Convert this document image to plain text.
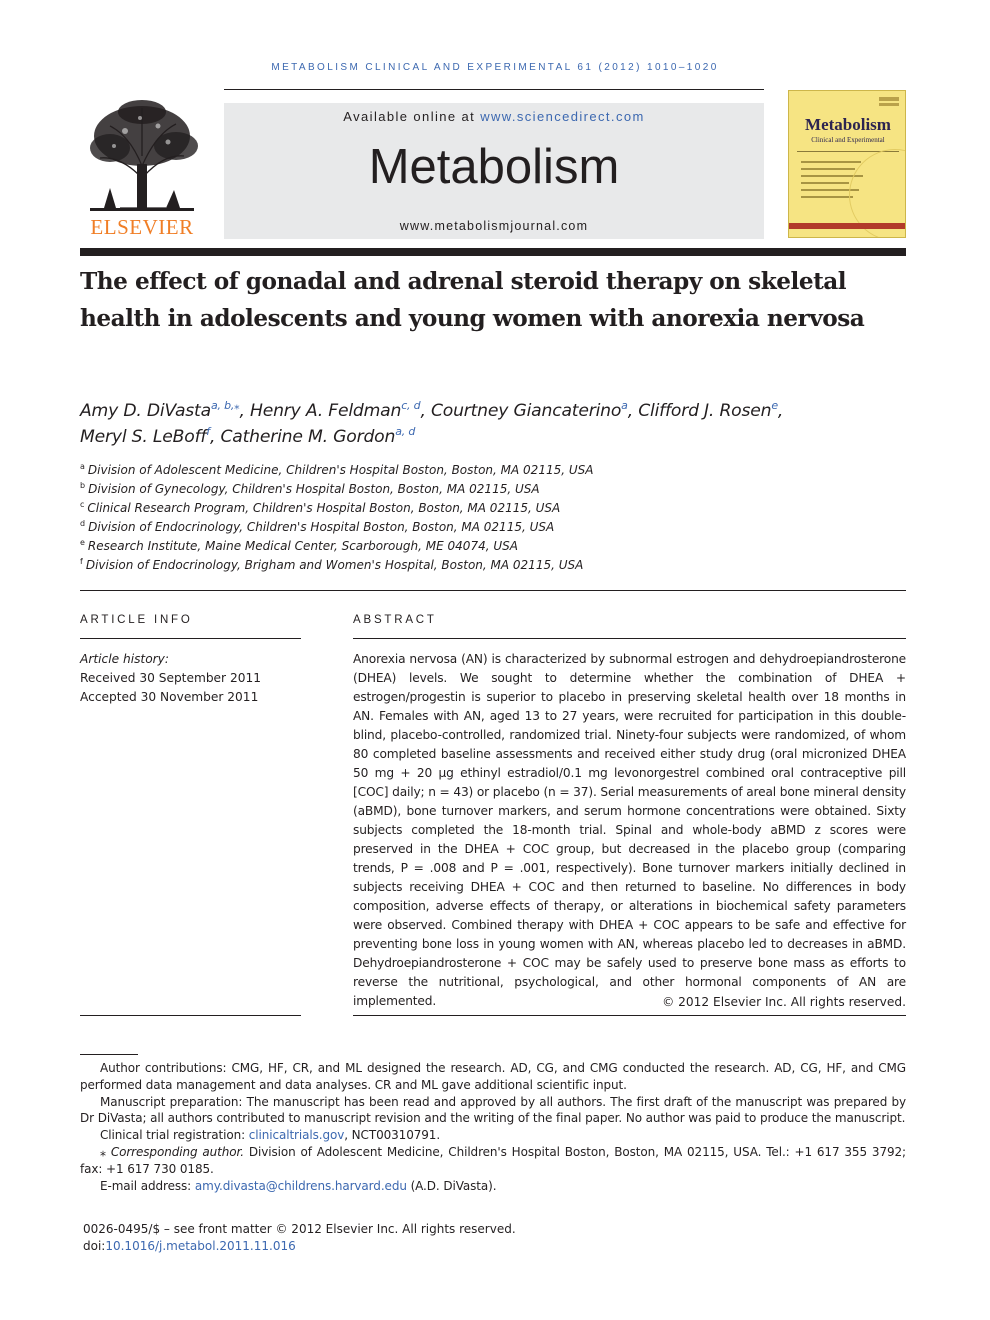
METABOLISM CLINICAL AND EXPERIMENTAL 61 (2012) 1010–1020
ELSEVIER
Available online at www.sciencedirect.com
Metabolism
www.metabolismjournal.com
Metabolism
Clinical and Experimental
The effect of gonadal and adrenal steroid therapy on skeletal health in adolescents and young women with anorexia nervosa
Amy D. DiVasta$^{a, b,⁎}$, Henry A. Feldman$^{c, d}$, Courtney Giancaterino$^a$, Clifford J. Rosen$^e$,
Meryl S. LeBoff$^f$, Catherine M. Gordon$^{a, d}$
$^a$ Division of Adolescent Medicine, Children's Hospital Boston, Boston, MA 02115, USA
$^b$ Division of Gynecology, Children's Hospital Boston, Boston, MA 02115, USA
$^c$ Clinical Research Program, Children's Hospital Boston, Boston, MA 02115, USA
$^d$ Division of Endocrinology, Children's Hospital Boston, Boston, MA 02115, USA
$^e$ Research Institute, Maine Medical Center, Scarborough, ME 04074, USA
$^f$ Division of Endocrinology, Brigham and Women's Hospital, Boston, MA 02115, USA
ARTICLE INFO
Article history:
Received 30 September 2011
Accepted 30 November 2011
ABSTRACT
Anorexia nervosa (AN) is characterized by subnormal estrogen and dehydroepiandrosterone (DHEA) levels. We sought to determine whether the combination of DHEA + estrogen/progestin is superior to placebo in preserving skeletal health over 18 months in AN. Females with AN, aged 13 to 27 years, were recruited for participation in this double-blind, placebo-controlled, randomized trial. Ninety-four subjects were randomized, of whom 80 completed baseline assessments and received either study drug (oral micronized DHEA 50 mg + 20 μg ethinyl estradiol/0.1 mg levonorgestrel combined oral contraceptive pill [COC] daily; n = 43) or placebo (n = 37). Serial measurements of areal bone mineral density (aBMD), bone turnover markers, and serum hormone concentrations were obtained. Sixty subjects completed the 18-month trial. Spinal and whole-body aBMD z scores were preserved in the DHEA + COC group, but decreased in the placebo group (comparing trends, P = .008 and P = .001, respectively). Bone turnover markers initially declined in subjects receiving DHEA + COC and then returned to baseline. No differences in body composition, adverse effects of therapy, or alterations in biochemical safety parameters were observed. Combined therapy with DHEA + COC appears to be safe and effective for preventing bone loss in young women with AN, whereas placebo led to decreases in aBMD. Dehydroepiandrosterone + COC may be safely used to preserve bone mass as efforts to reverse the nutritional, psychological, and other hormonal components of AN are implemented.	© 2012 Elsevier Inc. All rights reserved.

Author contributions: CMG, HF, CR, and ML designed the research. AD, CG, and CMG conducted the research. AD, CG, HF, and CMG performed data management and data analyses. CR and ML gave additional scientific input.

Manuscript preparation: The manuscript has been read and approved by all authors. The first draft of the manuscript was prepared by Dr DiVasta; all authors contributed to manuscript revision and the writing of the final paper. No author was paid to produce the manuscript.

Clinical trial registration: clinicaltrials.gov, NCT00310791.

⁎ Corresponding author. Division of Adolescent Medicine, Children's Hospital Boston, Boston, MA 02115, USA. Tel.: +1 617 355 3792; fax: +1 617 730 0185.

E-mail address: amy.divasta@childrens.harvard.edu (A.D. DiVasta).

0026-0495/$ – see front matter © 2012 Elsevier Inc. All rights reserved.
doi:10.1016/j.metabol.2011.11.016
